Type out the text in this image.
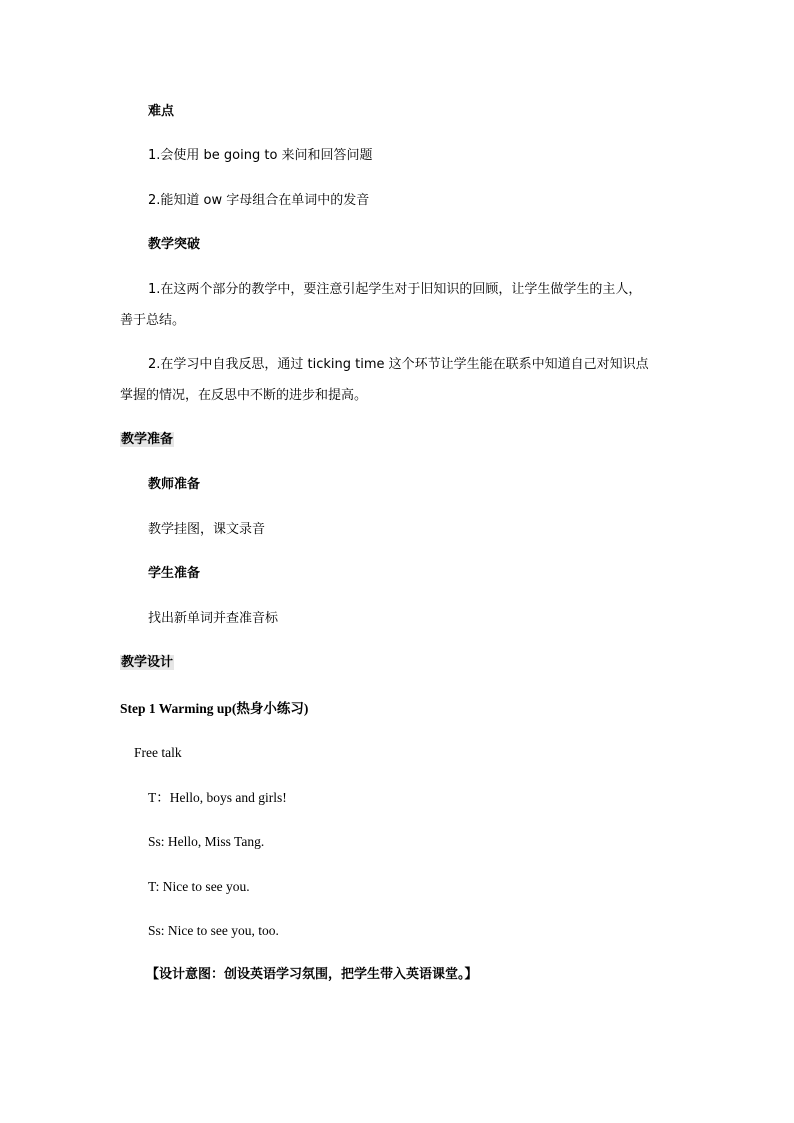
难点
1.会使用 be going to 来问和回答问题
2.能知道 ow 字母组合在单词中的发音
教学突破
1.在这两个部分的教学中，要注意引起学生对于旧知识的回顾，让学生做学生的主人，
善于总结。
2.在学习中自我反思，通过 ticking time 这个环节让学生能在联系中知道自己对知识点
掌握的情况，在反思中不断的进步和提高。
教学准备
教师准备
教学挂图，课文录音
学生准备
找出新单词并查准音标
教学设计
Step 1 Warming up(热身小练习)
Free talk
T：Hello, boys and girls!
Ss: Hello, Miss Tang.
T: Nice to see you.
Ss: Nice to see you, too.
【设计意图：创设英语学习氛围，把学生带入英语课堂。】
